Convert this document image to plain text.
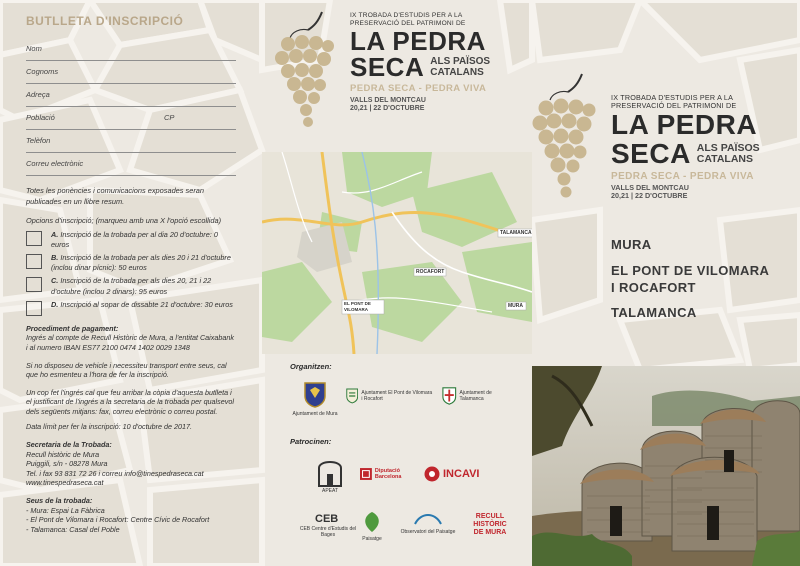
BUTLLETA D'INSCRIPCIÓ
Nom
Cognoms
Adreça
Població	CP
Telèfon
Correu electrònic
Totes les ponències i comunicacions exposades seran publicades en un llibre resum.
Opcions d'inscripció; (marqueu amb una X l'opció escollida)
A. Inscripció de la trobada per al dia 20 d'octubre: 0 euros
B. Inscripció de la trobada per als dies 20 i 21 d'octubre (inclou dinar pícnic): 50 euros
C. Inscripció de la trobada per als dies 20, 21 i 22 d'octubre (inclou 2 dinars): 95 euros
D. Inscripció al sopar de dissabte 21 d'octubre: 30 euros
Procediment de pagament:
Ingrés al compte de Recull Històric de Mura, a l'entitat Caixabank i al numero IBAN ES77 2100 0474 1402 0029 1348
Si no disposeu de vehicle i necessiteu transport entre seus, cal que ho esmenteu a l'hora de fer la inscripció.
Un cop fet l'ingrés cal que feu arribar la còpia d'aquesta butlleta i el justificant de l'ingrés a la secretaria de la trobada per qualsevol dels següents mitjans: fax, correu electrònic o correu postal.
Data límit per fer la inscripció: 10 d'octubre de 2017.
Secretaria de la Trobada:
Recull històric de Mura
Puiggili, s/n - 08278 Mura
Tel. i fax 93 831 72 26 i correu info@tinespedraseca.cat
www.tinespedraseca.cat
Seus de la trobada:
- Mura: Espai La Fàbrica
- El Pont de Vilomara i Rocafort: Centre Cívic de Rocafort
- Talamanca: Casal del Poble
IX TROBADA D'ESTUDIS PER A LA
PRESERVACIÓ DEL PATRIMONI DE
LA PEDRA
SECA ALS PAÏSOS
CATALANS
PEDRA SECA - PEDRA VIVA
VALLS DEL MONTCAU
20,21 | 22 D'OCTUBRE
TALAMANCA
ROCAFORT
EL PONT DE VILOMARA
MURA
Organitzen:
Ajuntament de Mura
Ajuntament El Pont de Vilomara i Rocafort
Ajuntament de Talamanca
Patrocinen:
APEAT
Diputació Barcelona	INCAVI
CEB
CEB Centre d'Estudis del Bages
Paisatge
Observatori del Paisatge
RECULL HISTÒRIC DE MURA
IX TROBADA D'ESTUDIS PER A LA
PRESERVACIÓ DEL PATRIMONI DE
LA PEDRA
SECA ALS PAÏSOS
CATALANS
PEDRA SECA - PEDRA VIVA
VALLS DEL MONTCAU
20,21 | 22 D'OCTUBRE
MURA
EL PONT DE VILOMARA
I ROCAFORT
TALAMANCA
